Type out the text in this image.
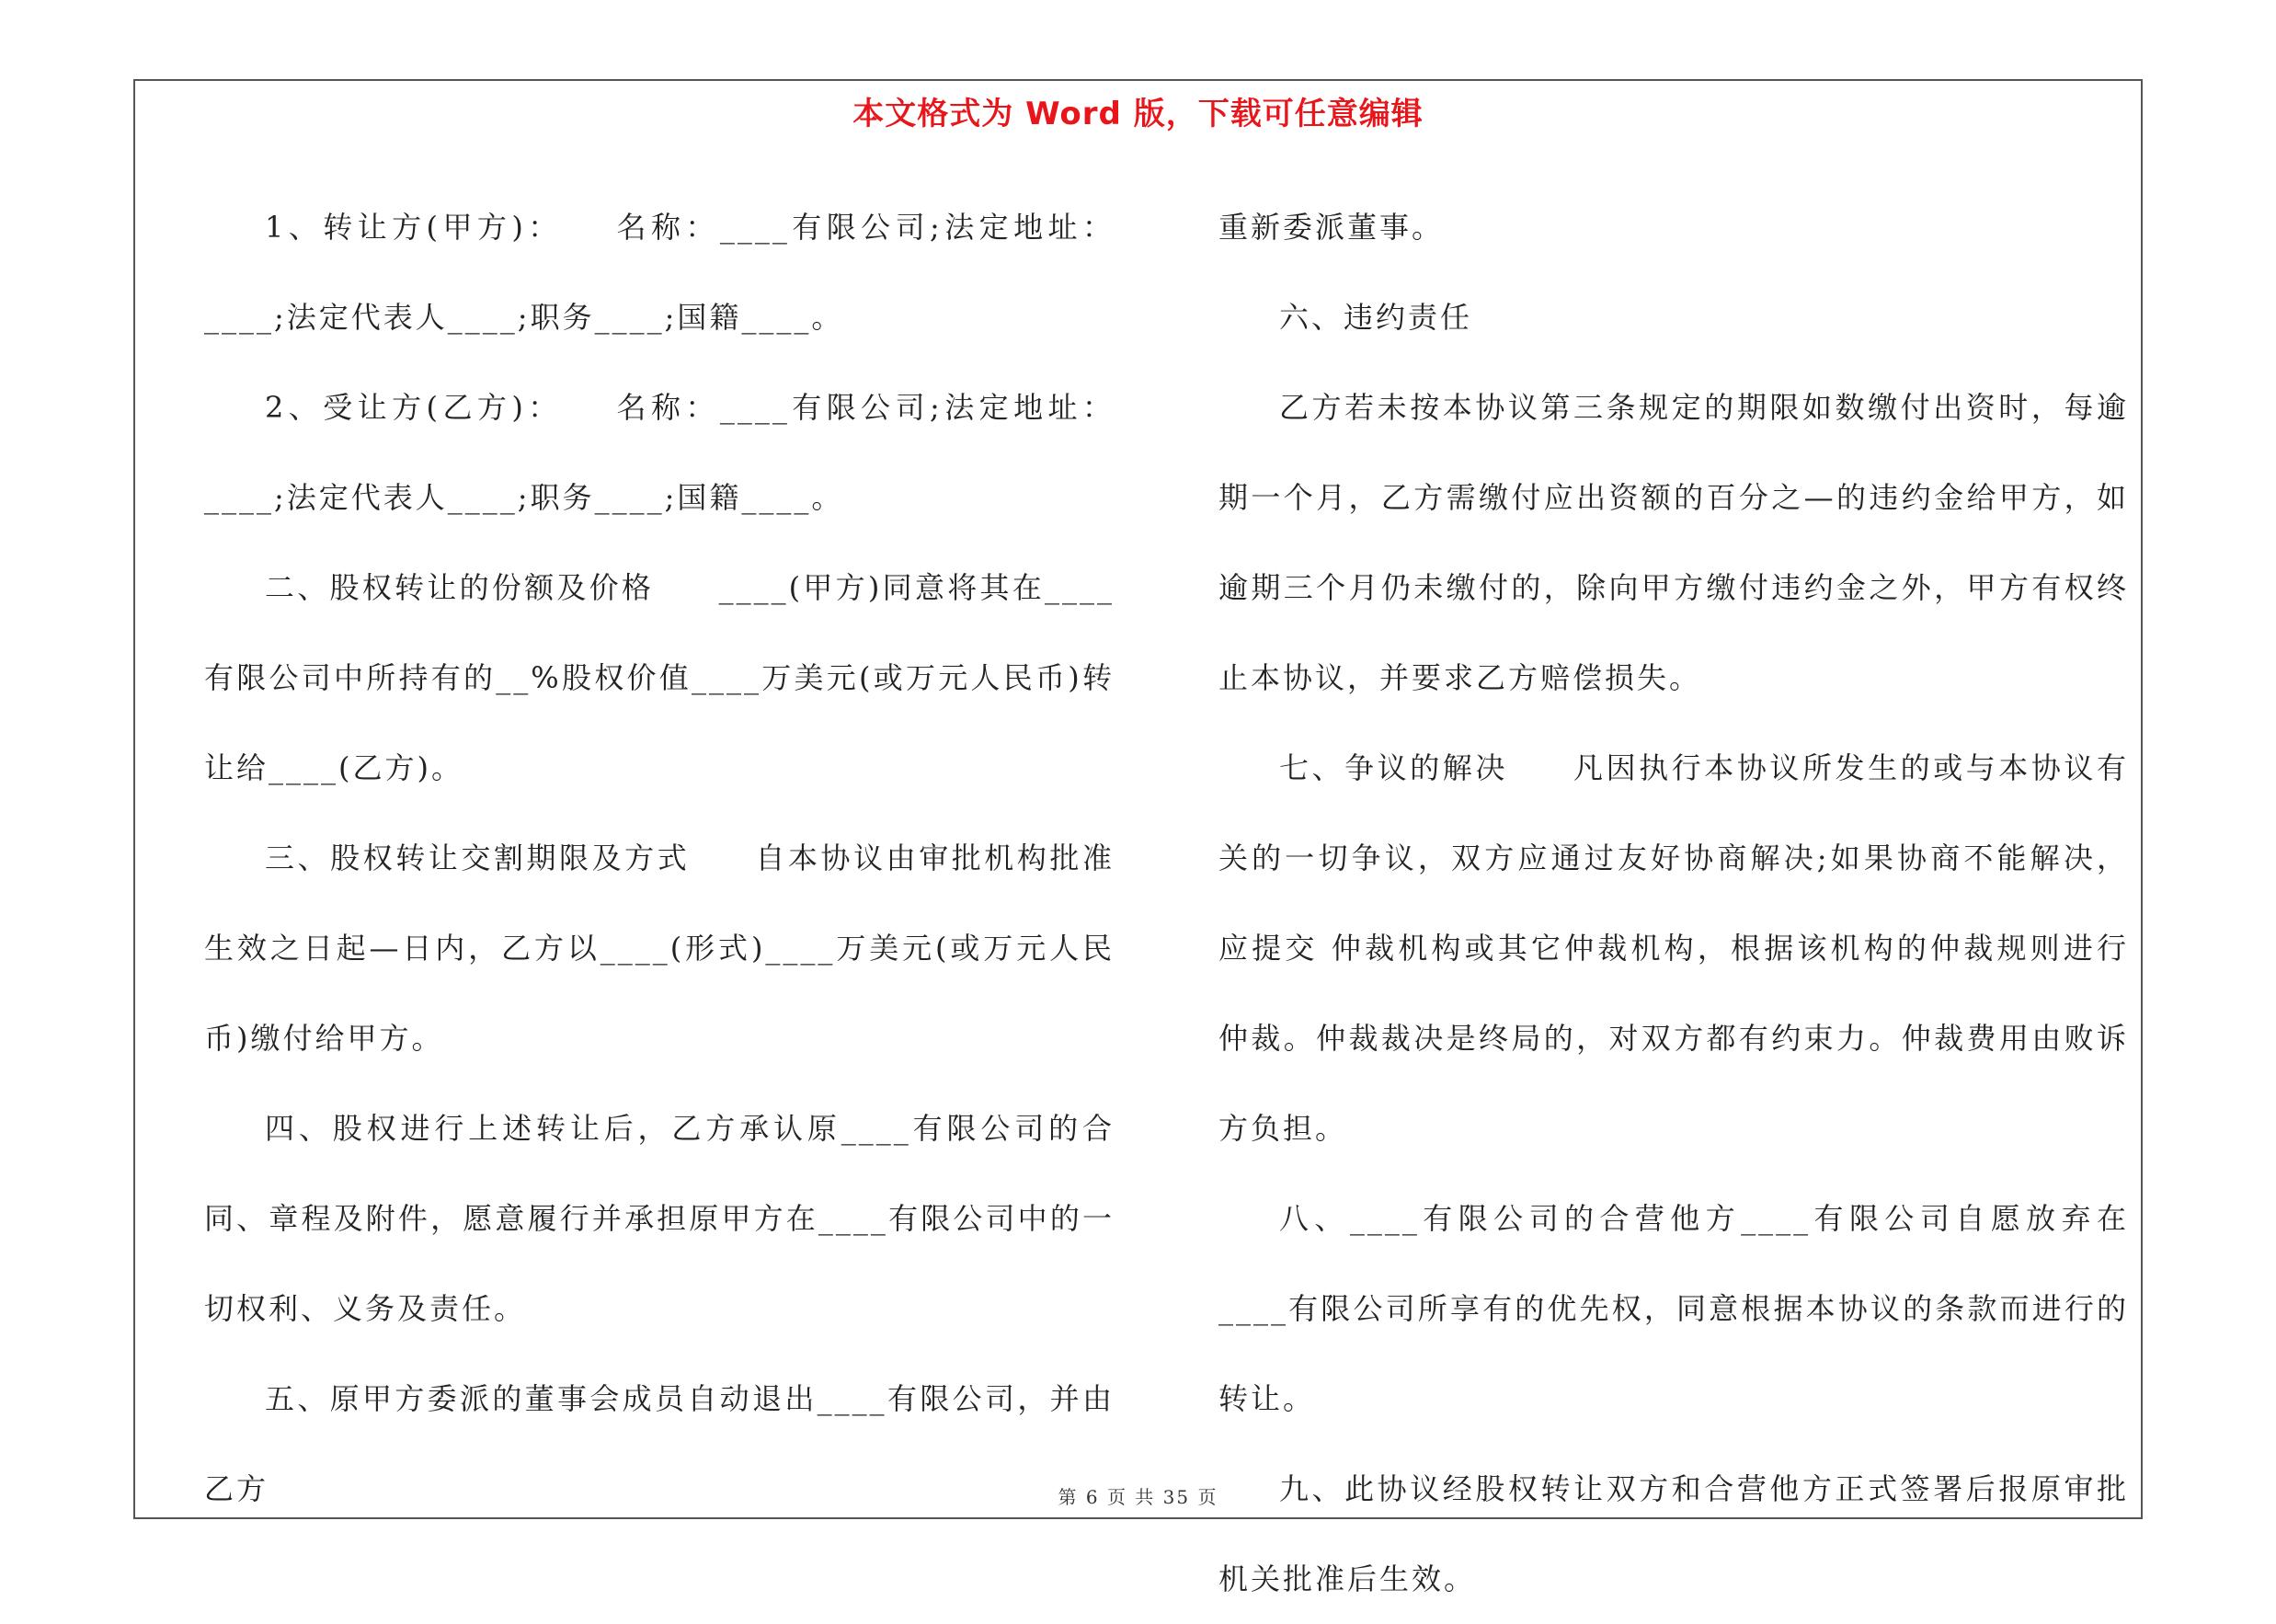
本文格式为 Word 版，下载可任意编辑

1、转让方(甲方)：　　名称：____有限公司;法定地址：____;法定代表人____;职务____;国籍____。

2、受让方(乙方)：　　名称：____有限公司;法定地址：____;法定代表人____;职务____;国籍____。

二、股权转让的份额及价格　　____(甲方)同意将其在____有限公司中所持有的__%股权价值____万美元(或万元人民币)转让给____(乙方)。

三、股权转让交割期限及方式　　自本协议由审批机构批准生效之日起—日内，乙方以____(形式)____万美元(或万元人民币)缴付给甲方。

四、股权进行上述转让后，乙方承认原____有限公司的合同、章程及附件，愿意履行并承担原甲方在____有限公司中的一切权利、义务及责任。

五、原甲方委派的董事会成员自动退出____有限公司，并由乙方

重新委派董事。

六、违约责任

乙方若未按本协议第三条规定的期限如数缴付出资时，每逾期一个月，乙方需缴付应出资额的百分之—的违约金给甲方，如逾期三个月仍未缴付的，除向甲方缴付违约金之外，甲方有权终止本协议，并要求乙方赔偿损失。

七、争议的解决　　凡因执行本协议所发生的或与本协议有关的一切争议，双方应通过友好协商解决;如果协商不能解决，应提交 仲裁机构或其它仲裁机构，根据该机构的仲裁规则进行仲裁。仲裁裁决是终局的，对双方都有约束力。仲裁费用由败诉方负担。

八、____有限公司的合营他方____有限公司自愿放弃在____有限公司所享有的优先权，同意根据本协议的条款而进行的转让。

九、此协议经股权转让双方和合营他方正式签署后报原审批机关批准后生效。

第 6 页 共 35 页
